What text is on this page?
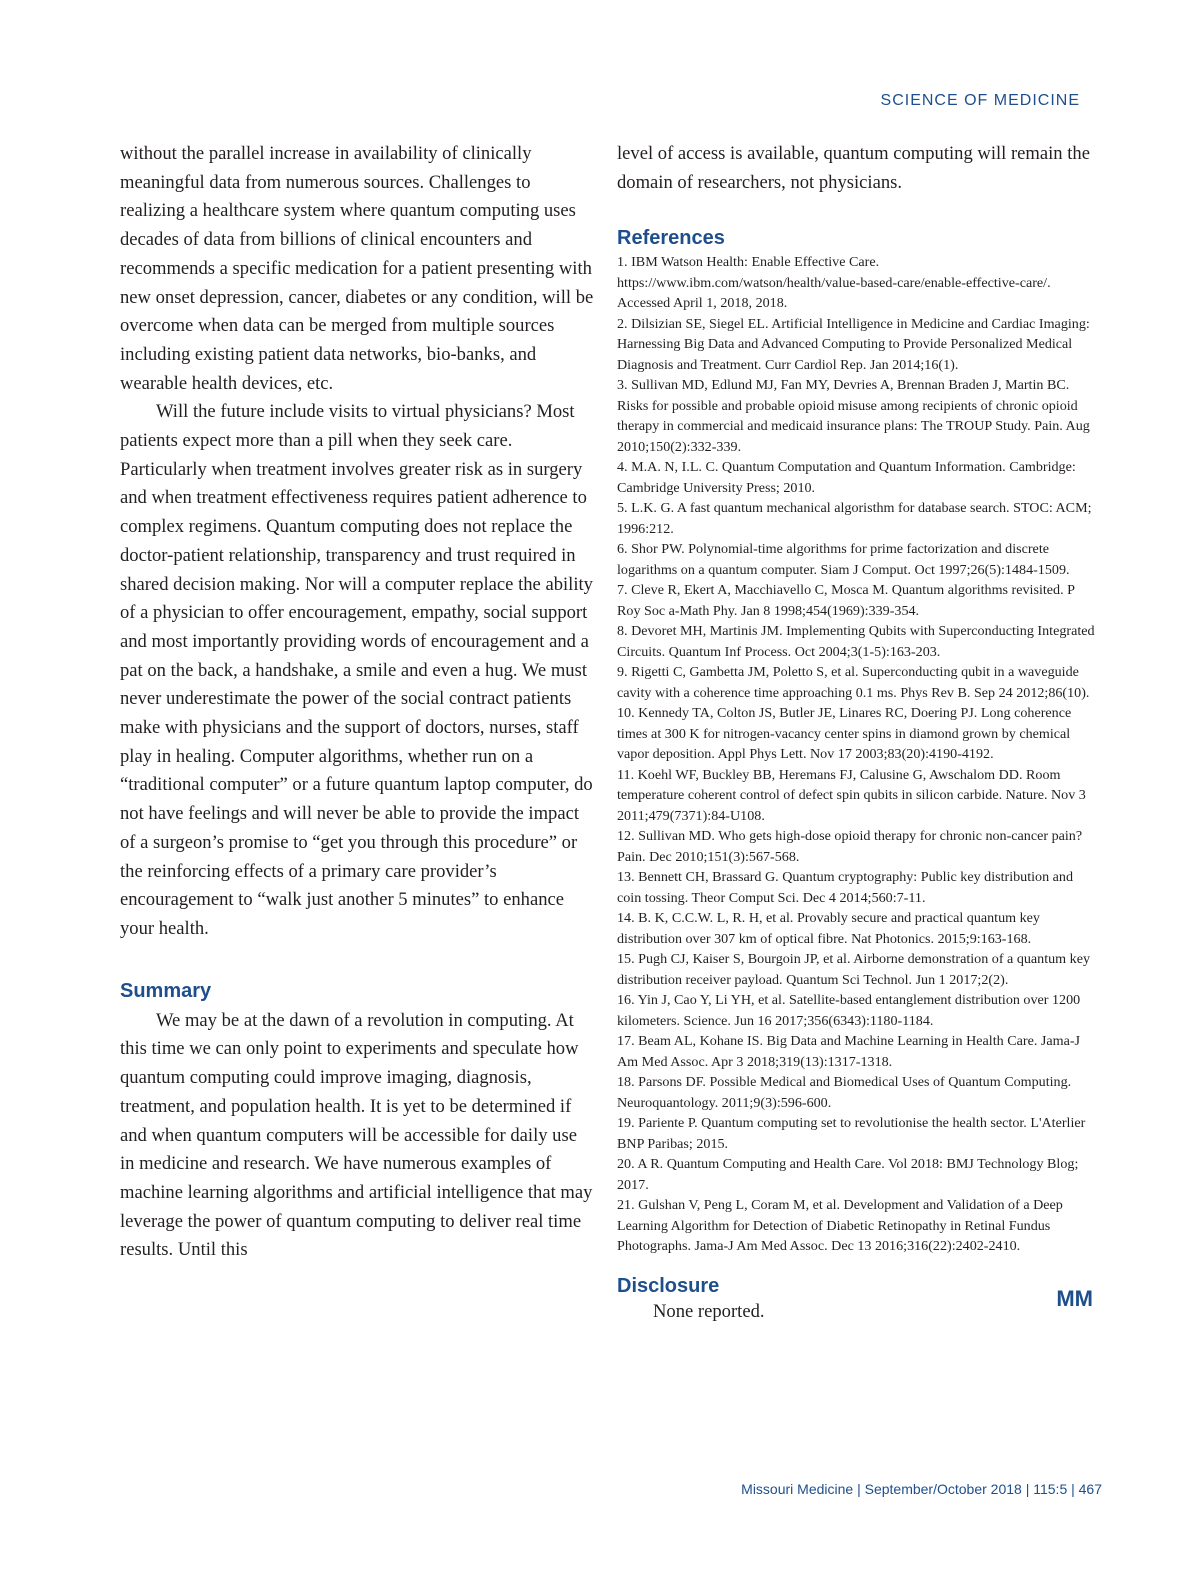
SCIENCE OF MEDICINE

without the parallel increase in availability of clinically meaningful data from numerous sources. Challenges to realizing a healthcare system where quantum computing uses decades of data from billions of clinical encounters and recommends a specific medication for a patient presenting with new onset depression, cancer, diabetes or any condition, will be overcome when data can be merged from multiple sources including existing patient data networks, bio-banks, and wearable health devices, etc.

Will the future include visits to virtual physicians? Most patients expect more than a pill when they seek care. Particularly when treatment involves greater risk as in surgery and when treatment effectiveness requires patient adherence to complex regimens. Quantum computing does not replace the doctor-patient relationship, transparency and trust required in shared decision making. Nor will a computer replace the ability of a physician to offer encouragement, empathy, social support and most importantly providing words of encouragement and a pat on the back, a handshake, a smile and even a hug. We must never underestimate the power of the social contract patients make with physicians and the support of doctors, nurses, staff play in healing. Computer algorithms, whether run on a “traditional computer” or a future quantum laptop computer, do not have feelings and will never be able to provide the impact of a surgeon’s promise to “get you through this procedure” or the reinforcing effects of a primary care provider’s encouragement to “walk just another 5 minutes” to enhance your health.

Summary

We may be at the dawn of a revolution in computing. At this time we can only point to experiments and speculate how quantum computing could improve imaging, diagnosis, treatment, and population health. It is yet to be determined if and when quantum computers will be accessible for daily use in medicine and research. We have numerous examples of machine learning algorithms and artificial intelligence that may leverage the power of quantum computing to deliver real time results. Until this

level of access is available, quantum computing will remain the domain of researchers, not physicians.

References
1. IBM Watson Health: Enable Effective Care. https://www.ibm.com/watson/health/value-based-care/enable-effective-care/. Accessed April 1, 2018, 2018.
2. Dilsizian SE, Siegel EL. Artificial Intelligence in Medicine and Cardiac Imaging: Harnessing Big Data and Advanced Computing to Provide Personalized Medical Diagnosis and Treatment. Curr Cardiol Rep. Jan 2014;16(1).
3. Sullivan MD, Edlund MJ, Fan MY, Devries A, Brennan Braden J, Martin BC. Risks for possible and probable opioid misuse among recipients of chronic opioid therapy in commercial and medicaid insurance plans: The TROUP Study. Pain. Aug 2010;150(2):332-339.
4. M.A. N, I.L. C. Quantum Computation and Quantum Information. Cambridge: Cambridge University Press; 2010.
5. L.K. G. A fast quantum mechanical algoristhm for database search. STOC: ACM; 1996:212.
6. Shor PW. Polynomial-time algorithms for prime factorization and discrete logarithms on a quantum computer. Siam J Comput. Oct 1997;26(5):1484-1509.
7. Cleve R, Ekert A, Macchiavello C, Mosca M. Quantum algorithms revisited. P Roy Soc a-Math Phy. Jan 8 1998;454(1969):339-354.
8. Devoret MH, Martinis JM. Implementing Qubits with Superconducting Integrated Circuits. Quantum Inf Process. Oct 2004;3(1-5):163-203.
9. Rigetti C, Gambetta JM, Poletto S, et al. Superconducting qubit in a waveguide cavity with a coherence time approaching 0.1 ms. Phys Rev B. Sep 24 2012;86(10).
10. Kennedy TA, Colton JS, Butler JE, Linares RC, Doering PJ. Long coherence times at 300 K for nitrogen-vacancy center spins in diamond grown by chemical vapor deposition. Appl Phys Lett. Nov 17 2003;83(20):4190-4192.
11. Koehl WF, Buckley BB, Heremans FJ, Calusine G, Awschalom DD. Room temperature coherent control of defect spin qubits in silicon carbide. Nature. Nov 3 2011;479(7371):84-U108.
12. Sullivan MD. Who gets high-dose opioid therapy for chronic non-cancer pain? Pain. Dec 2010;151(3):567-568.
13. Bennett CH, Brassard G. Quantum cryptography: Public key distribution and coin tossing. Theor Comput Sci. Dec 4 2014;560:7-11.
14. B. K, C.C.W. L, R. H, et al. Provably secure and practical quantum key distribution over 307 km of optical fibre. Nat Photonics. 2015;9:163-168.
15. Pugh CJ, Kaiser S, Bourgoin JP, et al. Airborne demonstration of a quantum key distribution receiver payload. Quantum Sci Technol. Jun 1 2017;2(2).
16. Yin J, Cao Y, Li YH, et al. Satellite-based entanglement distribution over 1200 kilometers. Science. Jun 16 2017;356(6343):1180-1184.
17. Beam AL, Kohane IS. Big Data and Machine Learning in Health Care. Jama-J Am Med Assoc. Apr 3 2018;319(13):1317-1318.
18. Parsons DF. Possible Medical and Biomedical Uses of Quantum Computing. Neuroquantology. 2011;9(3):596-600.
19. Pariente P. Quantum computing set to revolutionise the health sector. L'Aterlier BNP Paribas; 2015.
20. A R. Quantum Computing and Health Care. Vol 2018: BMJ Technology Blog; 2017.
21. Gulshan V, Peng L, Coram M, et al. Development and Validation of a Deep Learning Algorithm for Detection of Diabetic Retinopathy in Retinal Fundus Photographs. Jama-J Am Med Assoc. Dec 13 2016;316(22):2402-2410.
Disclosure

None reported.

MM
Missouri Medicine | September/October 2018 | 115:5 | 467
